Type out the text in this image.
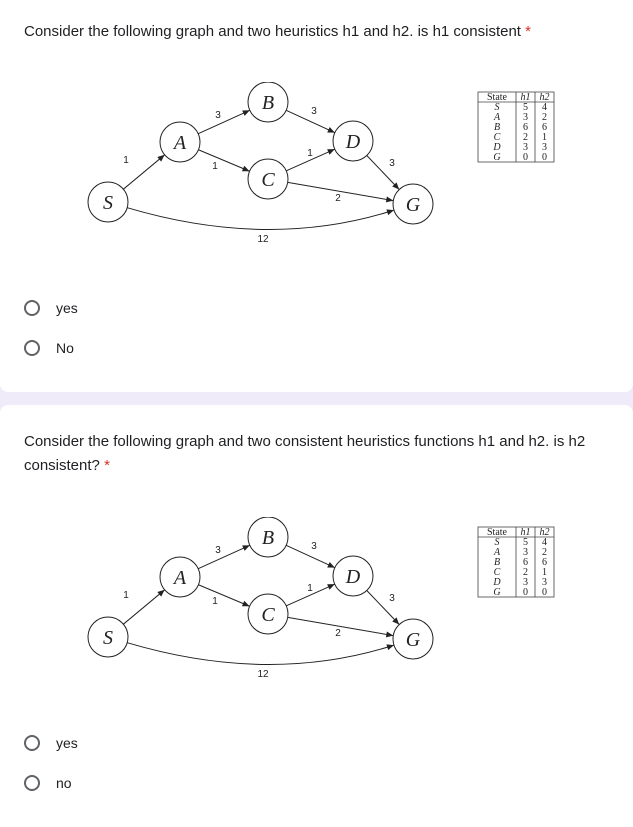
Consider the following graph and two heuristics h1 and h2. is h1 consistent *
1
3
1
3
1
2
3
12
S
A
B
C
D
G
State h1 h2
S 5 4
A 3 2
B 6 6
C 2 1
D 3 3
G 0 0
yes
No
Consider the following graph and two consistent heuristics functions h1 and h2. is h2 consistent? *
1
3
1
3
1
2
3
12
S
A
B
C
D
G
State h1 h2
S 5 4
A 3 2
B 6 6
C 2 1
D 3 3
G 0 0
yes
no
